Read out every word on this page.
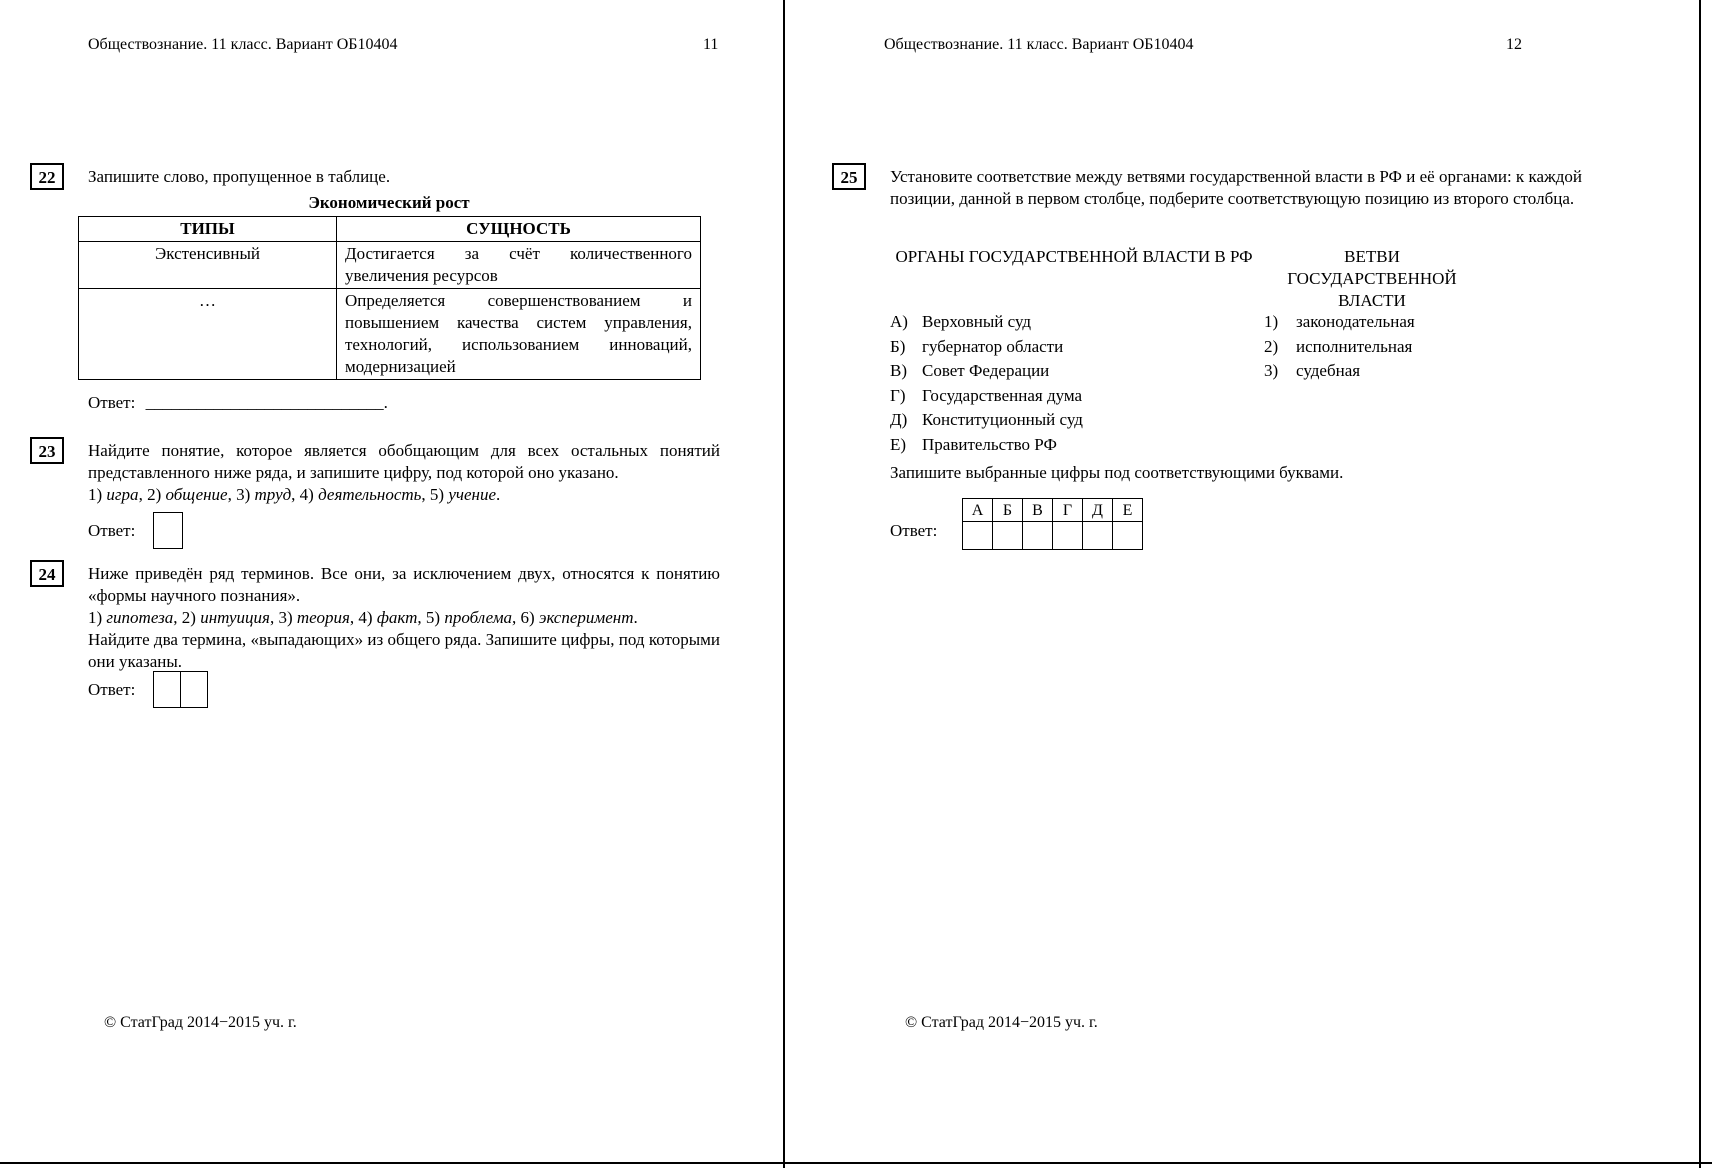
Обществознание. 11 класс. Вариант ОБ10404	11
22	Запишите слово, пропущенное в таблице.
Экономический рост
ТИПЫ	СУЩНОСТЬ
Экстенсивный	Достигается за счёт количественного увеличения ресурсов
…	Определяется совершенствованием и повышением качества систем управления, технологий, использованием инноваций, модернизацией
Ответ: ____________________________.
23	Найдите понятие, которое является обобщающим для всех остальных понятий представленного ниже ряда, и запишите цифру, под которой оно указано.
1) игра, 2) общение, 3) труд, 4) деятельность, 5) учение.
Ответ:
24	Ниже приведён ряд терминов. Все они, за исключением двух, относятся к понятию «формы научного познания».
1) гипотеза, 2) интуиция, 3) теория, 4) факт, 5) проблема, 6) эксперимент.
Найдите два термина, «выпадающих» из общего ряда. Запишите цифры, под которыми они указаны.
Ответ:
© СтатГрад 2014−2015 уч. г.
Обществознание. 11 класс. Вариант ОБ10404	12
25	Установите соответствие между ветвями государственной власти в РФ и её органами: к каждой позиции, данной в первом столбце, подберите соответствующую позицию из второго столбца.
ОРГАНЫ ГОСУДАРСТВЕННОЙ ВЛАСТИ В РФ	ВЕТВИ ГОСУДАРСТВЕННОЙ ВЛАСТИ
А) Верховный суд
Б) губернатор области
В) Совет Федерации
Г) Государственная дума
Д) Конституционный суд
Е) Правительство РФ
1) законодательная
2) исполнительная
3) судебная
Запишите выбранные цифры под соответствующими буквами.
Ответ:
А	Б	В	Г	Д	Е

© СтатГрад 2014−2015 уч. г.
